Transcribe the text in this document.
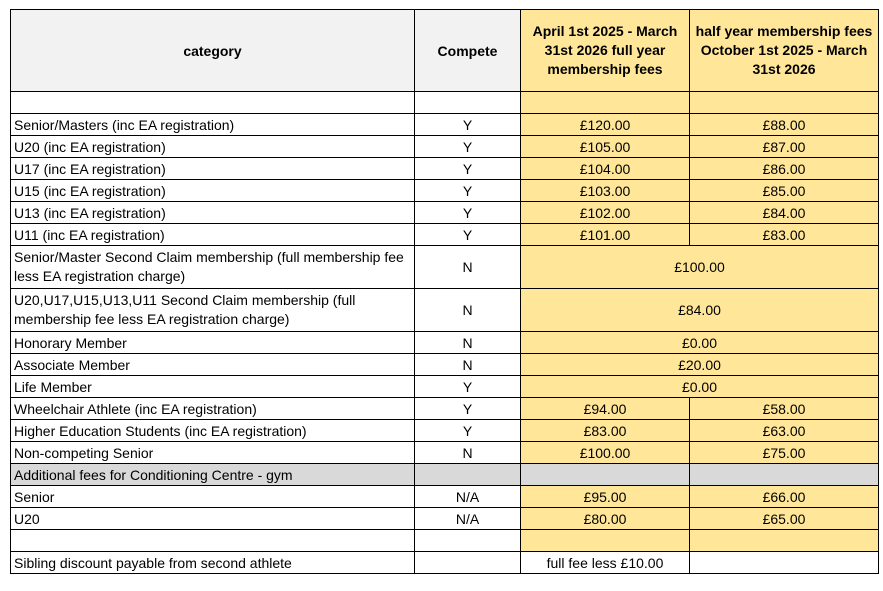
category	Compete	April 1st 2025 - March 31st 2026 full year membership fees	half year membership fees October 1st 2025 - March 31st 2026

Senior/Masters (inc EA registration)	Y	£120.00	£88.00
U20 (inc EA registration)	Y	£105.00	£87.00
U17 (inc EA registration)	Y	£104.00	£86.00
U15 (inc EA registration)	Y	£103.00	£85.00
U13 (inc EA registration)	Y	£102.00	£84.00
U11 (inc EA registration)	Y	£101.00	£83.00
Senior/Master Second Claim membership (full membership fee less EA registration charge)	N	£100.00	
U20,U17,U15,U13,U11 Second Claim membership (full membership fee less EA registration charge)	N	£84.00	
Honorary Member	N	£0.00	
Associate Member	N	£20.00	
Life Member	Y	£0.00	
Wheelchair Athlete (inc EA registration)	Y	£94.00	£58.00
Higher Education Students (inc EA registration)	Y	£83.00	£63.00
Non-competing Senior	N	£100.00	£75.00
Additional fees for Conditioning Centre - gym			
Senior	N/A	£95.00	£66.00
U20	N/A	£80.00	£65.00

Sibling discount payable from second athlete		full fee less £10.00	
